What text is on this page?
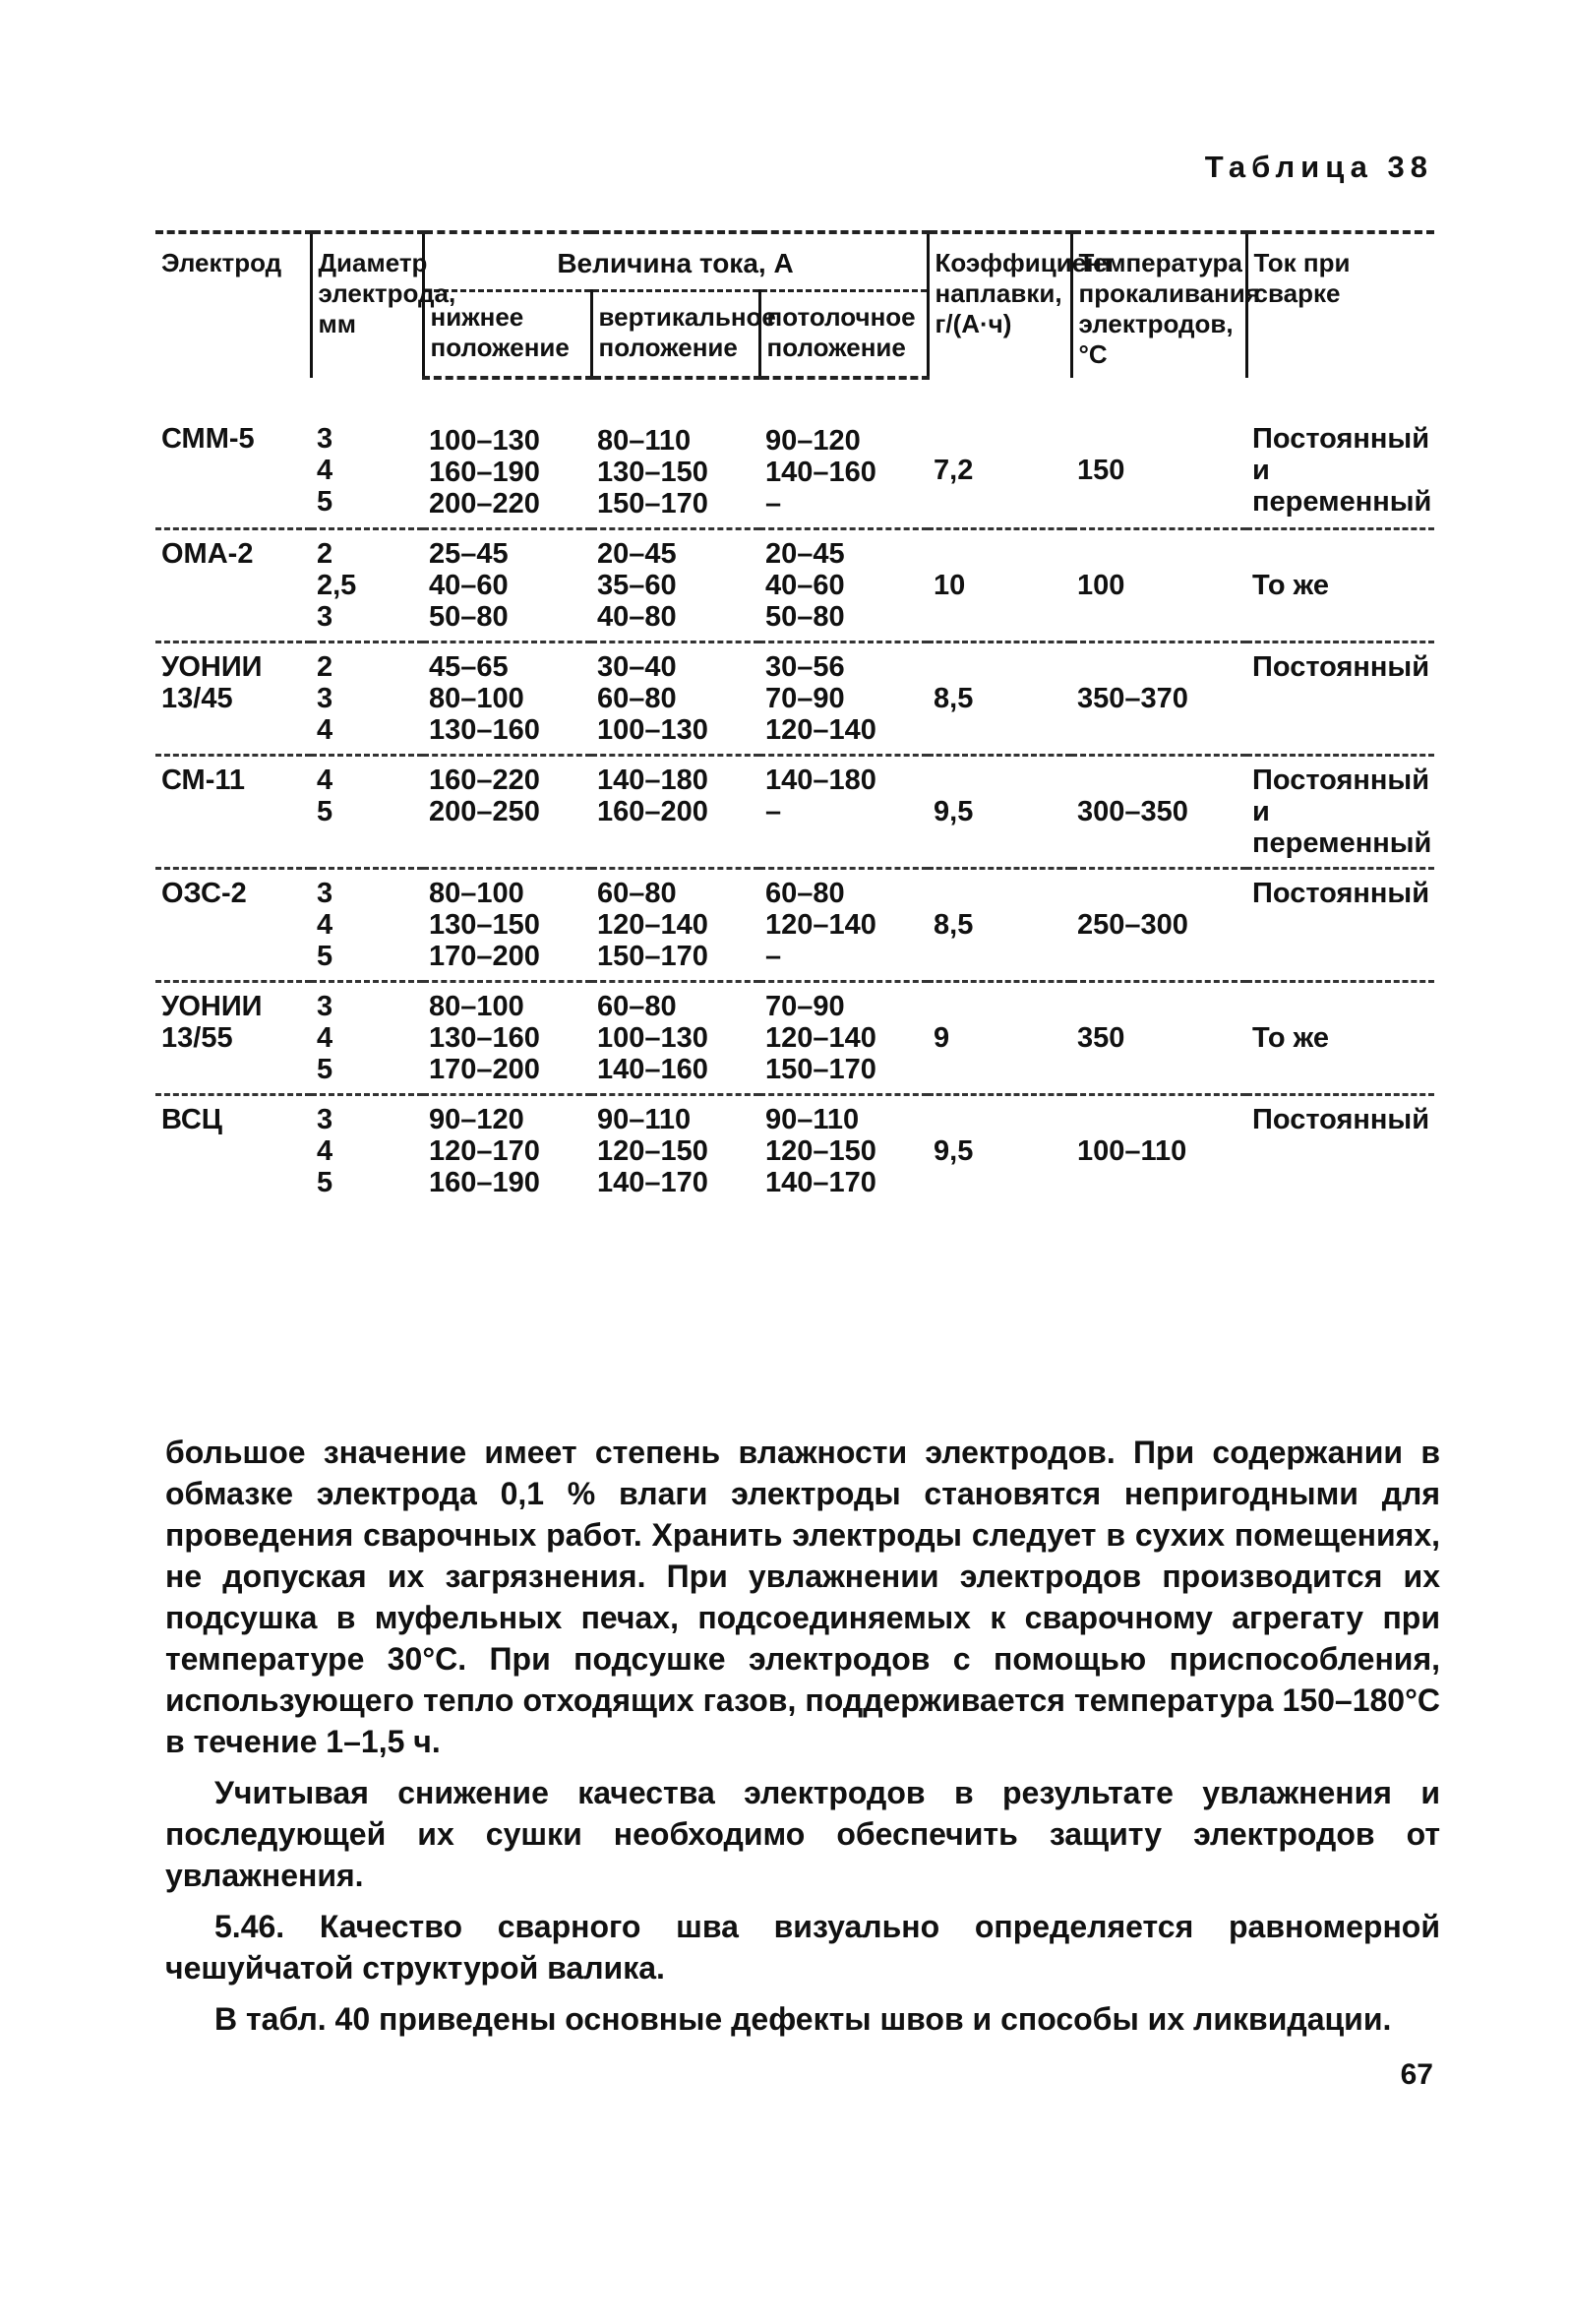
Таблица 38
Электрод	Диаметр электрода, мм	Величина тока, А			Коэффициент наплавки, г/(А·ч)	Температура прокаливания электродов, °С	Ток при сварке
		нижнее положение	вертикальное положение	потолочное положение			
СММ-5	3
4
5	100–130
160–190
200–220	80–110
130–150
150–170	90–120
140–160
–	7,2	150	Постоянный и переменный
ОМА-2	2
2,5
3	25–45
40–60
50–80	20–45
35–60
40–80	20–45
40–60
50–80	10	100	То же
УОНИИ 13/45	2
3
4	45–65
80–100
130–160	30–40
60–80
100–130	30–56
70–90
120–140	8,5	350–370	Постоянный
СМ-11	4
5	160–220
200–250	140–180
160–200	140–180
–	9,5	300–350	Постоянный и переменный
ОЗС-2	3
4
5	80–100
130–150
170–200	60–80
120–140
150–170	60–80
120–140
–	8,5	250–300	Постоянный
УОНИИ 13/55	3
4
5	80–100
130–160
170–200	60–80
100–130
140–160	70–90
120–140
150–170	9	350	То же
ВСЦ	3
4
5	90–120
120–170
160–190	90–110
120–150
140–170	90–110
120–150
140–170	9,5	100–110	Постоянный

большое значение имеет степень влажности электродов. При содержании в обмазке электрода 0,1 % влаги электроды становятся непригодными для проведения сварочных работ. Хранить электроды следует в сухих помещениях, не допуская их загрязнения. При увлажнении электродов производится их подсушка в муфельных печах, подсоединяемых к сварочному агрегату при температуре 30°С. При подсушке электродов с помощью приспособления, использующего тепло отходящих газов, поддерживается температура 150–180°С в течение 1–1,5 ч.

Учитывая снижение качества электродов в результате увлажнения и последующей их сушки необходимо обеспечить защиту электродов от увлажнения.

5.46. Качество сварного шва визуально определяется равномерной чешуйчатой структурой валика.

В табл. 40 приведены основные дефекты швов и способы их ликвидации.

67
